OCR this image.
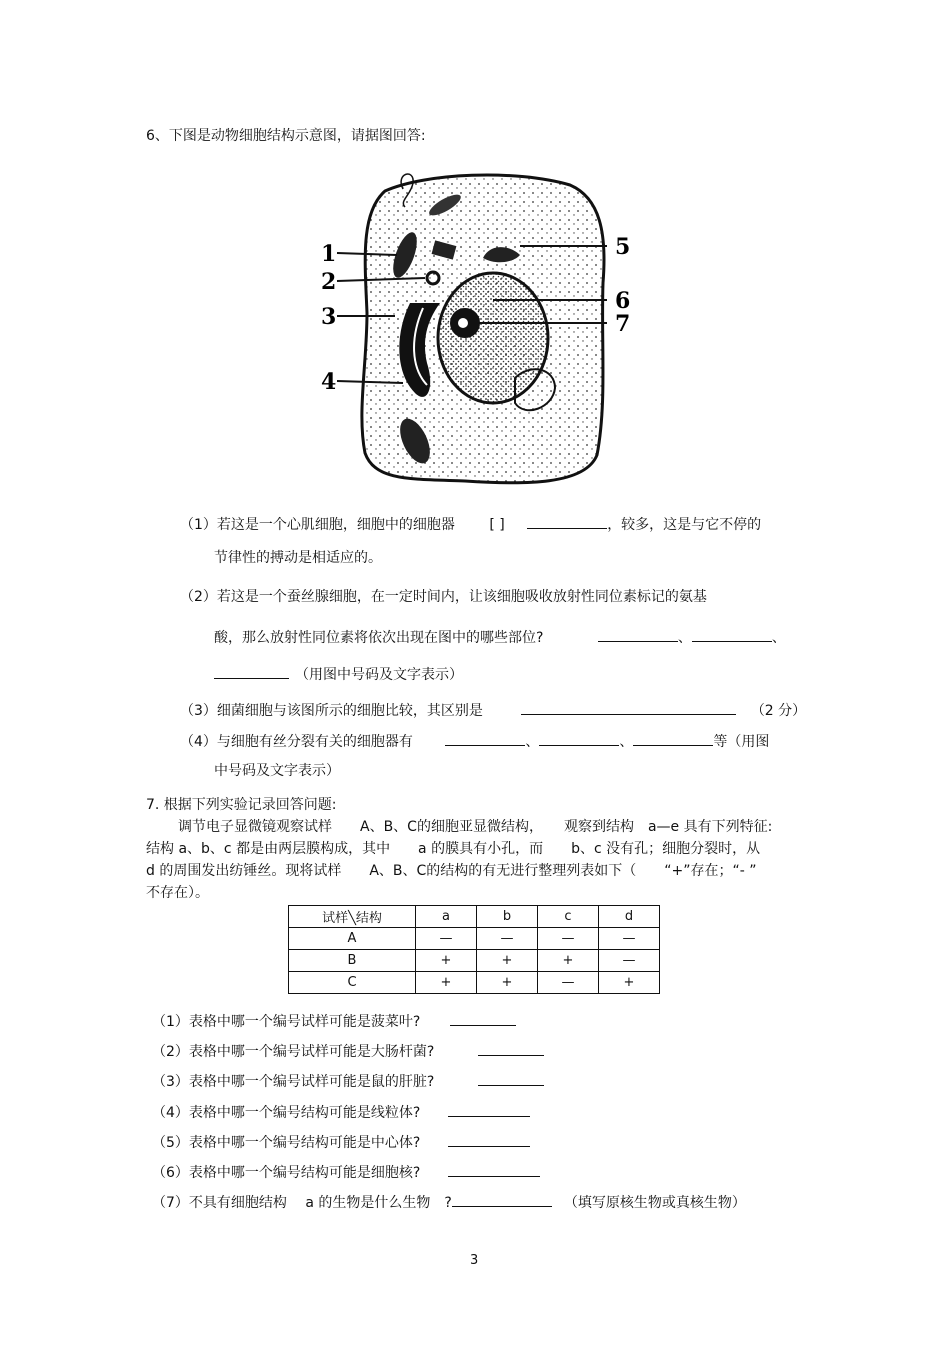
6、下图是动物细胞结构示意图，请据图回答:
1
2
3
4
5
6
7
（1）若这是一个心肌细胞，细胞中的细胞器 [ ]	，较多，这是与它不停的
节律性的搏动是相适应的。
（2）若这是一个蚕丝腺细胞，在一定时间内，让该细胞吸收放射性同位素标记的氨基
酸，那么放射性同位素将依次出现在图中的哪些部位?	、	、
（用图中号码及文字表示）
（3）细菌细胞与该图所示的细胞比较，其区别是	（2 分）
（4）与细胞有丝分裂有关的细胞器有	、	、	等（用图
中号码及文字表示）
7. 根据下列实验记录回答问题:
调节电子显微镜观察试样　　A、B、C的细胞亚显微结构，　　观察到结构　a—e 具有下列特征:
结构 a、b、c 都是由两层膜构成，其中　　a 的膜具有小孔，而　　b、c 没有孔；细胞分裂时，从
d 的周围发出纺锤丝。现将试样　　A、B、C的结构的有无进行整理列表如下（　　“+”存在；“- ”
不存在）。
试样╲结构	a	b	c	d
A	—	—	—	—
B	+	+	+	—
C	+	+	—	+
（1）表格中哪一个编号试样可能是菠菜叶?
（2）表格中哪一个编号试样可能是大肠杆菌?
（3）表格中哪一个编号试样可能是鼠的肝脏?
（4）表格中哪一个编号结构可能是线粒体?
（5）表格中哪一个编号结构可能是中心体?
（6）表格中哪一个编号结构可能是细胞核?
（7）不具有细胞结构　 a 的生物是什么生物　?	（填写原核生物或真核生物）
3
